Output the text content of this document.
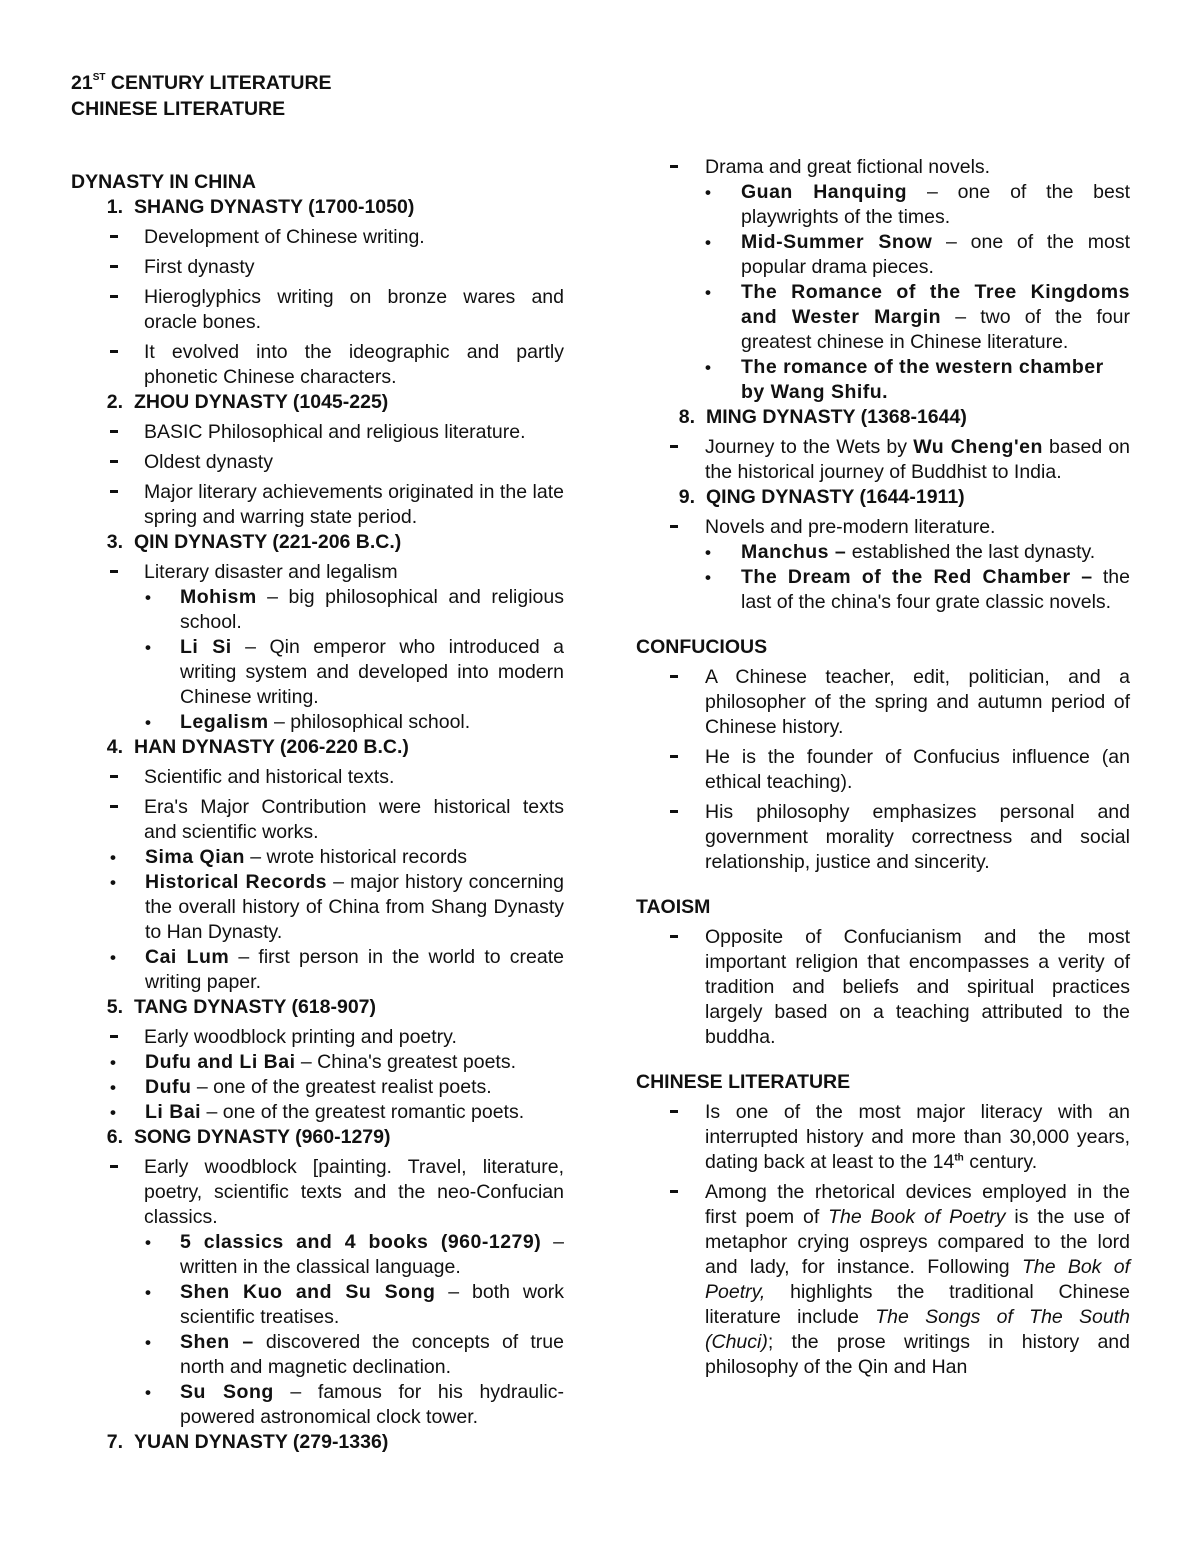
21ST CENTURY LITERATURE
CHINESE LITERATURE
DYNASTY IN CHINA
1. SHANG DYNASTY (1700-1050)
Development of Chinese writing.
First dynasty
Hieroglyphics writing on bronze wares and oracle bones.
It evolved into the ideographic and partly phonetic Chinese characters.
2. ZHOU DYNASTY (1045-225)
BASIC Philosophical and religious literature.
Oldest dynasty
Major literary achievements originated in the late spring and warring state period.
3. QIN DYNASTY (221-206 B.C.)
Literary disaster and legalism
•	Mohism – big philosophical and religious school.
•	Li Si – Qin emperor who introduced a writing system and developed into modern Chinese writing.
•	Legalism – philosophical school.
4. HAN DYNASTY (206-220 B.C.)
Scientific and historical texts.
Era's Major Contribution were historical texts and scientific works.
•	Sima Qian – wrote historical records
•	Historical Records – major history concerning the overall history of China from Shang Dynasty to Han Dynasty.
•	Cai Lum – first person in the world to create writing paper.
5. TANG DYNASTY (618-907)
Early woodblock printing and poetry.
•	Dufu and Li Bai – China's greatest poets.
•	Dufu – one of the greatest realist poets.
•	Li Bai – one of the greatest romantic poets.
6. SONG DYNASTY (960-1279)
Early woodblock [painting. Travel, literature, poetry, scientific texts and the neo-Confucian classics.
•	5 classics and 4 books (960-1279) – written in the classical language.
•	Shen Kuo and Su Song – both work scientific treatises.
•	Shen – discovered the concepts of true north and magnetic declination.
•	Su Song – famous for his hydraulic-powered astronomical clock tower.
7. YUAN DYNASTY (279-1336)
Drama and great fictional novels.
•	Guan Hanquing – one of the best playwrights of the times.
•	Mid-Summer Snow – one of the most popular drama pieces.
•	The Romance of the Tree Kingdoms and Wester Margin – two of the four greatest chinese in Chinese literature.
•	The romance of the western chamber by Wang Shifu.
8. MING DYNASTY (1368-1644)
Journey to the Wets by Wu Cheng'en based on the historical journey of Buddhist to India.
9. QING DYNASTY (1644-1911)
Novels and pre-modern literature.
•	Manchus – established the last dynasty.
•	The Dream of the Red Chamber – the last of the china's four grate classic novels.
CONFUCIOUS
A Chinese teacher, edit, politician, and a philosopher of the spring and autumn period of Chinese history.
He is the founder of Confucius influence (an ethical teaching).
His philosophy emphasizes personal and government morality correctness and social relationship, justice and sincerity.
TAOISM
Opposite of Confucianism and the most important religion that encompasses a verity of tradition and beliefs and spiritual practices largely based on a teaching attributed to the buddha.
CHINESE LITERATURE
Is one of the most major literacy with an interrupted history and more than 30,000 years, dating back at least to the 14th century.
Among the rhetorical devices employed in the first poem of The Book of Poetry is the use of metaphor crying ospreys compared to the lord and lady, for instance. Following The Bok of Poetry, highlights the traditional Chinese literature include The Songs of The South (Chuci); the prose writings in history and philosophy of the Qin and Han
